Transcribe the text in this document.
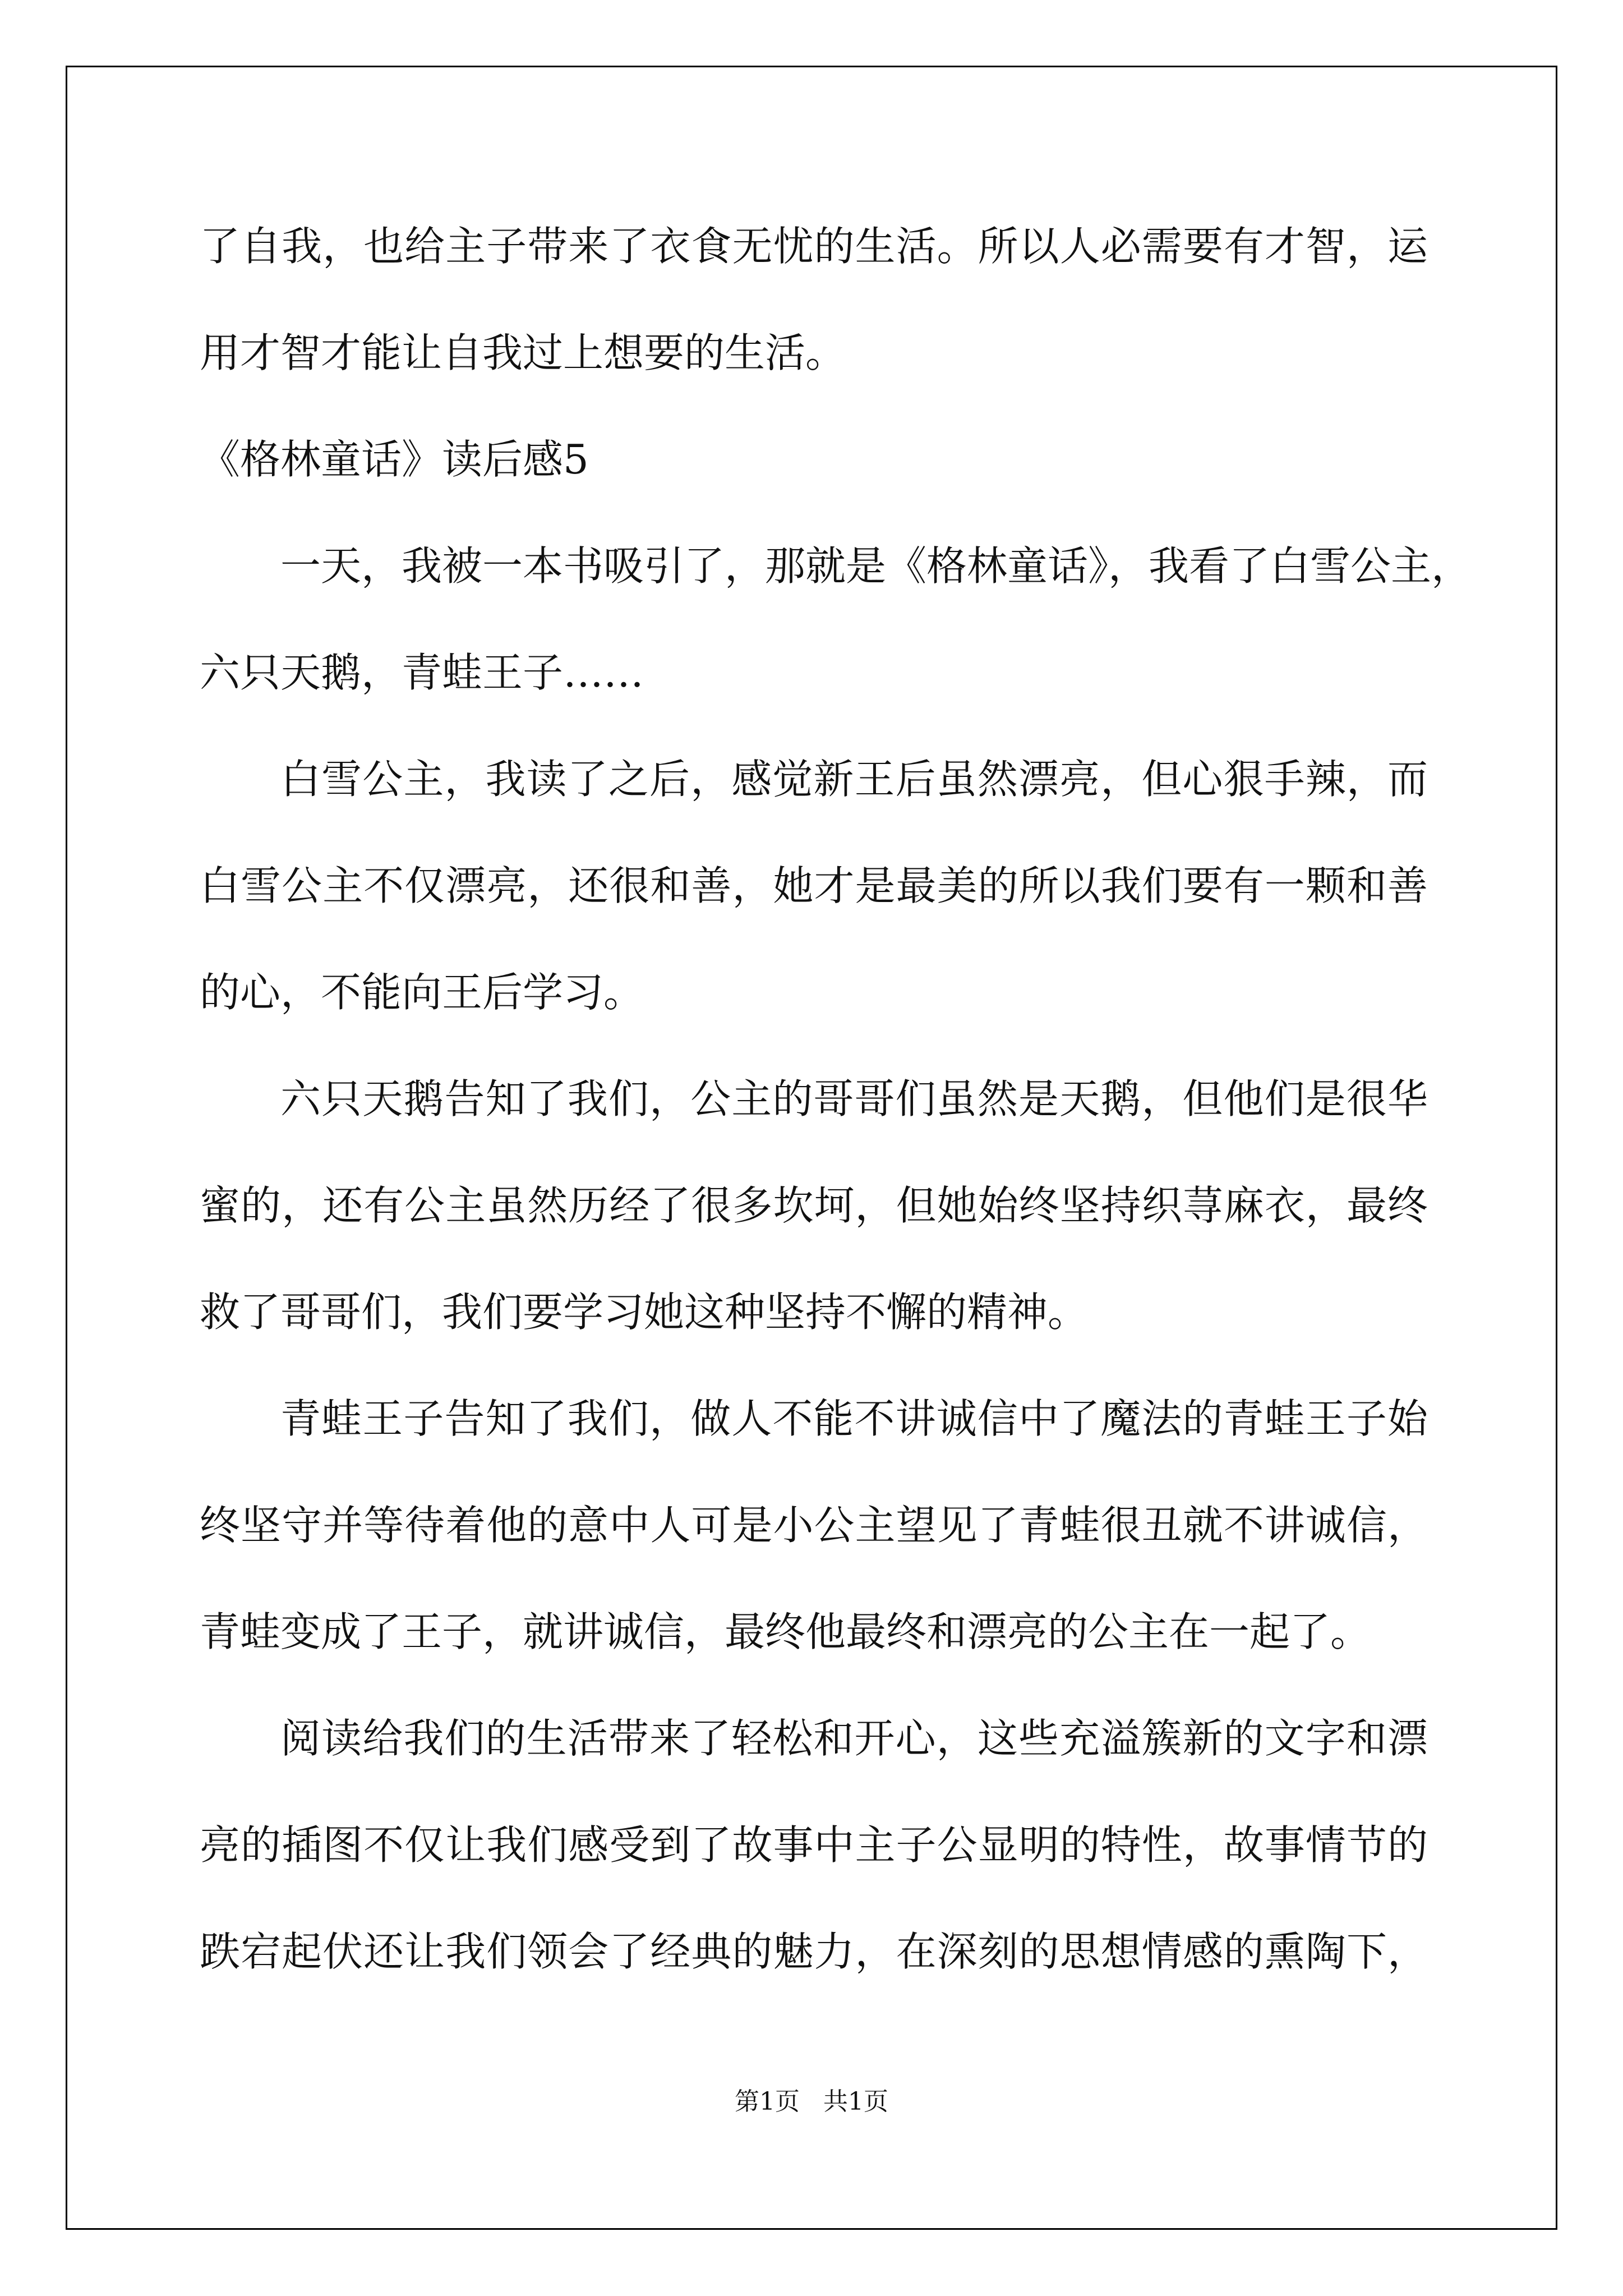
了自我，也给主子带来了衣食无忧的生活。所以人必需要有才智，运
用才智才能让自我过上想要的生活。
《格林童话》读后感5
一天，我被一本书吸引了，那就是《格林童话》，我看了白雪公主，
六只天鹅，青蛙王子……
白雪公主，我读了之后，感觉新王后虽然漂亮，但心狠手辣，而
白雪公主不仅漂亮，还很和善，她才是最美的所以我们要有一颗和善
的心，不能向王后学习。
六只天鹅告知了我们，公主的哥哥们虽然是天鹅，但他们是很华
蜜的，还有公主虽然历经了很多坎坷，但她始终坚持织荨麻衣，最终
救了哥哥们，我们要学习她这种坚持不懈的精神。
青蛙王子告知了我们，做人不能不讲诚信中了魔法的青蛙王子始
终坚守并等待着他的意中人可是小公主望见了青蛙很丑就不讲诚信，
青蛙变成了王子，就讲诚信，最终他最终和漂亮的公主在一起了。
阅读给我们的生活带来了轻松和开心，这些充溢簇新的文字和漂
亮的插图不仅让我们感受到了故事中主子公显明的特性，故事情节的
跌宕起伏还让我们领会了经典的魅力，在深刻的思想情感的熏陶下，
第1页   共1页
